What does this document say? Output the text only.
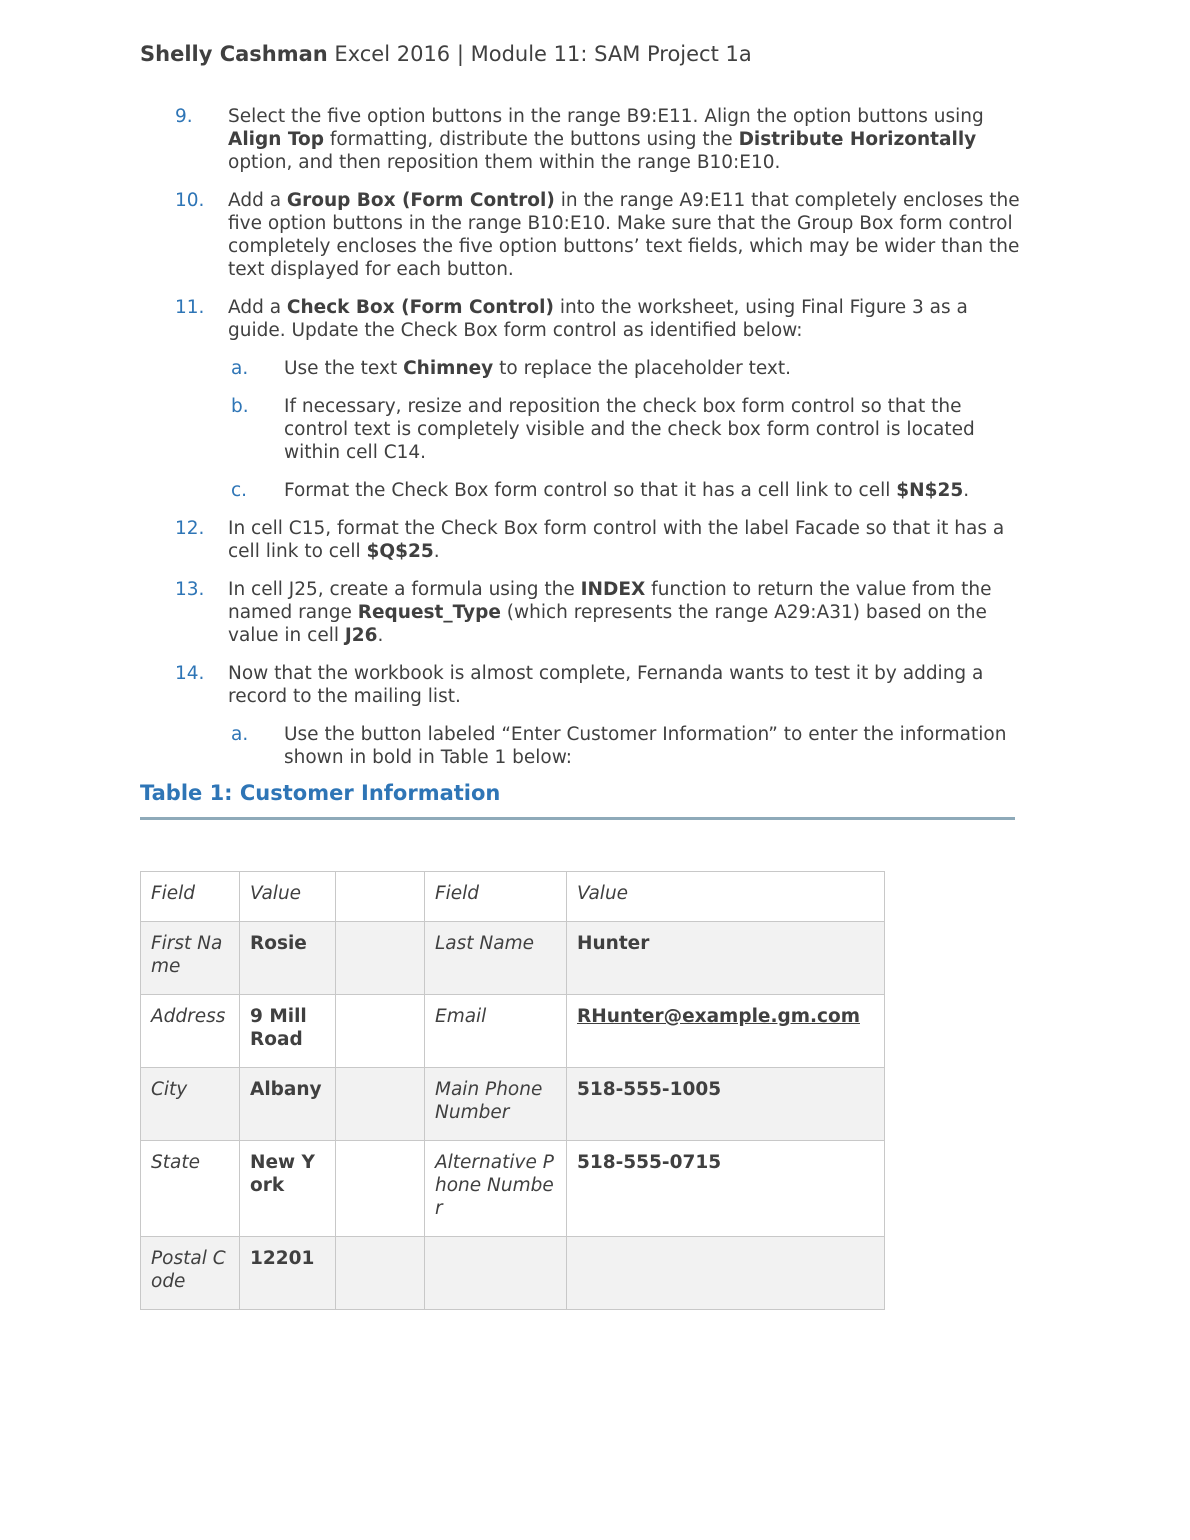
Shelly Cashman Excel 2016 | Module 11: SAM Project 1a
9. Select the five option buttons in the range B9:E11. Align the option buttons using Align Top formatting, distribute the buttons using the Distribute Horizontally option, and then reposition them within the range B10:E10.
10. Add a Group Box (Form Control) in the range A9:E11 that completely encloses the five option buttons in the range B10:E10. Make sure that the Group Box form control completely encloses the five option buttons’ text fields, which may be wider than the text displayed for each button.
11. Add a Check Box (Form Control) into the worksheet, using Final Figure 3 as a guide. Update the Check Box form control as identified below:
a. Use the text Chimney to replace the placeholder text.
b. If necessary, resize and reposition the check box form control so that the control text is completely visible and the check box form control is located within cell C14.
c. Format the Check Box form control so that it has a cell link to cell $N$25.
12. In cell C15, format the Check Box form control with the label Facade so that it has a cell link to cell $Q$25.
13. In cell J25, create a formula using the INDEX function to return the value from the named range Request_Type (which represents the range A29:A31) based on the value in cell J26.
14. Now that the workbook is almost complete, Fernanda wants to test it by adding a record to the mailing list.
a. Use the button labeled “Enter Customer Information” to enter the information shown in bold in Table 1 below:
Table 1: Customer Information
Field	Value		Field	Value
First Name	Rosie		Last Name	Hunter
Address	9 Mill Road		Email	RHunter@example.gm.com
City	Albany		Main Phone Number	518-555-1005
State	New York		Alternative Phone Number	518-555-0715
Postal Code	12201			
